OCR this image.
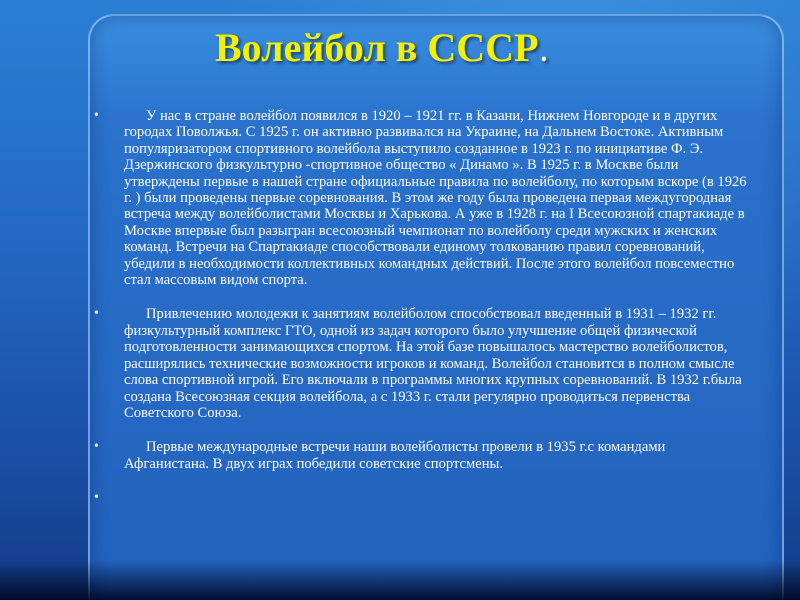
Волейбол в СССР.

•	У нас в стране волейбол появился в 1920 – 1921 гг. в Казани, Нижнем Новгороде и в других городах Поволжья. С 1925 г. он активно развивался на Украине, на Дальнем Востоке. Активным популяризатором спортивного волейбола выступило созданное в 1923 г. по инициативе Ф. Э. Дзержинского физкультурно -спортивное общество « Динамо ». В 1925 г. в Москве были утверждены первые в нашей стране официальные правила по волейболу, по которым вскоре (в 1926 г. ) были проведены первые соревнования. В этом же году была проведена первая междугородная встреча между волейболистами Москвы и Харькова. А уже в 1928 г. на I Всесоюзной спартакиаде в Москве впервые был разыгран всесоюзный чемпионат по волейболу среди мужских и женских команд. Встречи на Спартакиаде способствовали единому толкованию правил соревнований, убедили в необходимости коллективных командных действий. После этого волейбол повсеместно стал массовым видом спорта.

•	Привлечению молодежи к занятиям волейболом способствовал введенный в 1931 – 1932 гг. физкультурный комплекс ГТО, одной из задач которого было улучшение общей физической подготовленности занимающихся спортом. На этой базе повышалось мастерство волейболистов, расширялись технические возможности игроков и команд. Волейбол становится в полном смысле слова спортивной игрой. Его включали в программы многих крупных соревнований. В 1932 г.была создана Всесоюзная секция волейбола, а с 1933 г. стали регулярно проводиться первенства Советского Союза.

•	Первые международные встречи наши волейболисты провели в 1935 г.с командами Афганистана. В двух играх победили советские спортсмены.

•
